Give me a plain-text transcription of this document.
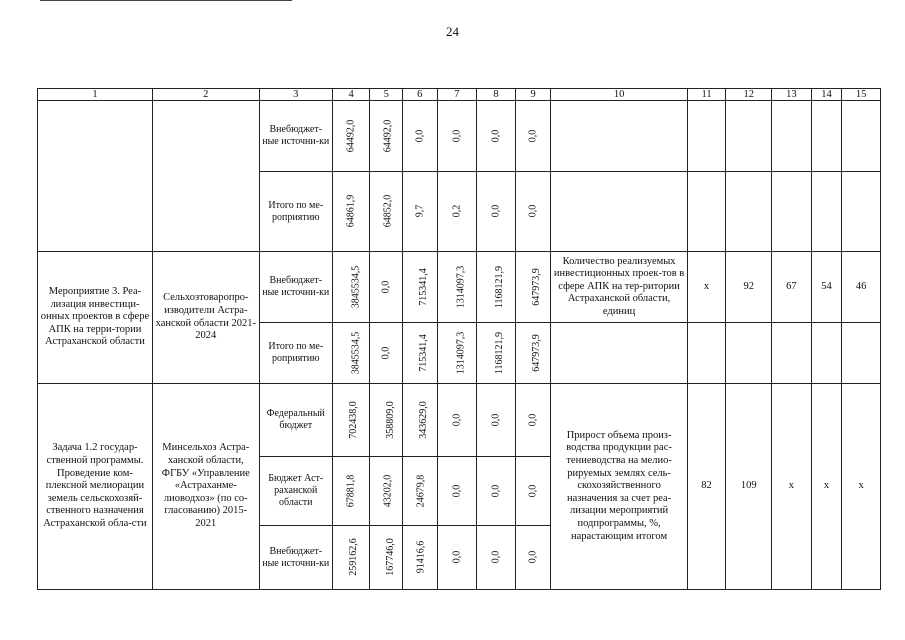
24
1	2	3	4	5	6	7	8	9	10	11	12	13	14	15
		Внебюджет-ные источни-ки	64492,0	64492,0	0,0	0,0	0,0	0,0						
		Итого по ме-роприятию	64861,9	64852,0	9,7	0,2	0,0	0,0						
Мероприятие 3. Реа-лизация инвестици-онных проектов в сфере АПК на терри-тории Астраханской области	Сельхозтоваропро-изводители Астра-ханской области 2021-2024	Внебюджет-ные источни-ки	3845534,5	0,0	715341,4	1314097,3	1168121,9	647973,9	Количество реализуемых инвестиционных проек-тов в сфере АПК на тер-ритории Астраханской области, единиц	х	92	67	54	46
		Итого по ме-роприятию	3845534,5	0,0	715341,4	1314097,3	1168121,9	647973,9						
Задача 1.2 государ-ственной программы. Проведение ком-плексной мелиорации земель сельскохозяй-ственного назначения Астраханской обла-сти	Минсельхоз Астра-ханской области, ФГБУ «Управление «Астраханме-лиоводхоз» (по со-гласованию) 2015-2021	Федеральный бюджет	702438,0	358809,0	343629,0	0,0	0,0	0,0	Прирост объема произ-водства продукции рас-тениеводства на мелио-рируемых землях сель-скохозяйственного назначения за счет реа-лизации мероприятий подпрограммы, %, нарастающим итогом	82	109	х	х	х
		Бюджет Аст-раханской области	67881,8	43202,0	24679,8	0,0	0,0	0,0						
		Внебюджет-ные источни-ки	259162,6	167746,0	91416,6	0,0	0,0	0,0						
